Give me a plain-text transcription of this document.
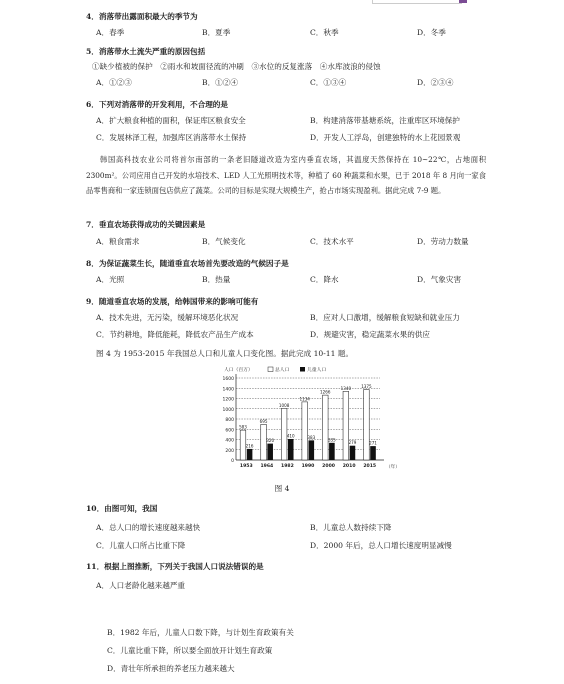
4．消落带出露面积最大的季节为
A．春季	B．夏季	C．秋季	D．冬季
5．消落带水土流失严重的原因包括
①缺少植被的保护　②雨水和坡面径流的冲刷　③水位的反复涨落　④水库波浪的侵蚀
A．①②③	B．①②④	C．①③④	D．②③④
6．下列对消落带的开发利用，不合理的是
A．扩大粮食种植的面积，保证库区粮食安全	B．构建消落带基塘系统，注重库区环境保护
C．发展林泽工程，加强库区消落带水土保持	D．开发人工浮岛，创建独特的水上花园景观
韩国高科技农业公司将首尔南部的一条老旧隧道改造为室内垂直农场，其温度天然保持在 10~22℃，占地面积 2300m²。公司应用自己开发的水培技术、LED 人工光照明技术等，种植了 60 种蔬菜和水果，已于 2018 年 8 月向一家食品零售商和一家连锁面包店供应了蔬菜。公司的目标是实现大规模生产，抢占市场实现盈利。据此完成 7-9 题。
7．垂直农场获得成功的关键因素是
A．粮食需求	B．气候变化	C．技术水平	D．劳动力数量
8．为保证蔬菜生长，随道垂直农场首先要改造的气候因子是
A．光照	B．热量	C．降水	D．气象灾害
9．随道垂直农场的发展，给韩国带来的影响可能有
A．技术先进，无污染，缓解环境恶化状况	B．应对人口激增，缓解粮食短缺和就业压力
C．节约耕地，降低能耗，降低农产品生产成本	D．规避灾害，稳定蔬菜水果的供应
图 4 为 1953-2015 年我国总人口和儿童人口变化图。据此完成 10-11 题。
0
200
400
600
800
1000
1200
1400
1600
人口（百万）
（年）
总人口	儿童人口
583
216
1953
695
320
1964
1008
410
1982
1134
383
1990
1266
335
2000
1340
279
2010
1375
271
2015
图 4
10．由图可知，我国
A．总人口的增长速度越来越快	B．儿童总人数持续下降
C．儿童人口所占比重下降	D．2000 年后，总人口增长速度明显减慢
11．根据上图推断，下列关于我国人口说法错误的是
A．人口老龄化越来越严重
B．1982 年后，儿童人口数下降，与计划生育政策有关
C．儿童比重下降，所以要全面放开计划生育政策
D．青壮年所承担的养老压力越来越大
